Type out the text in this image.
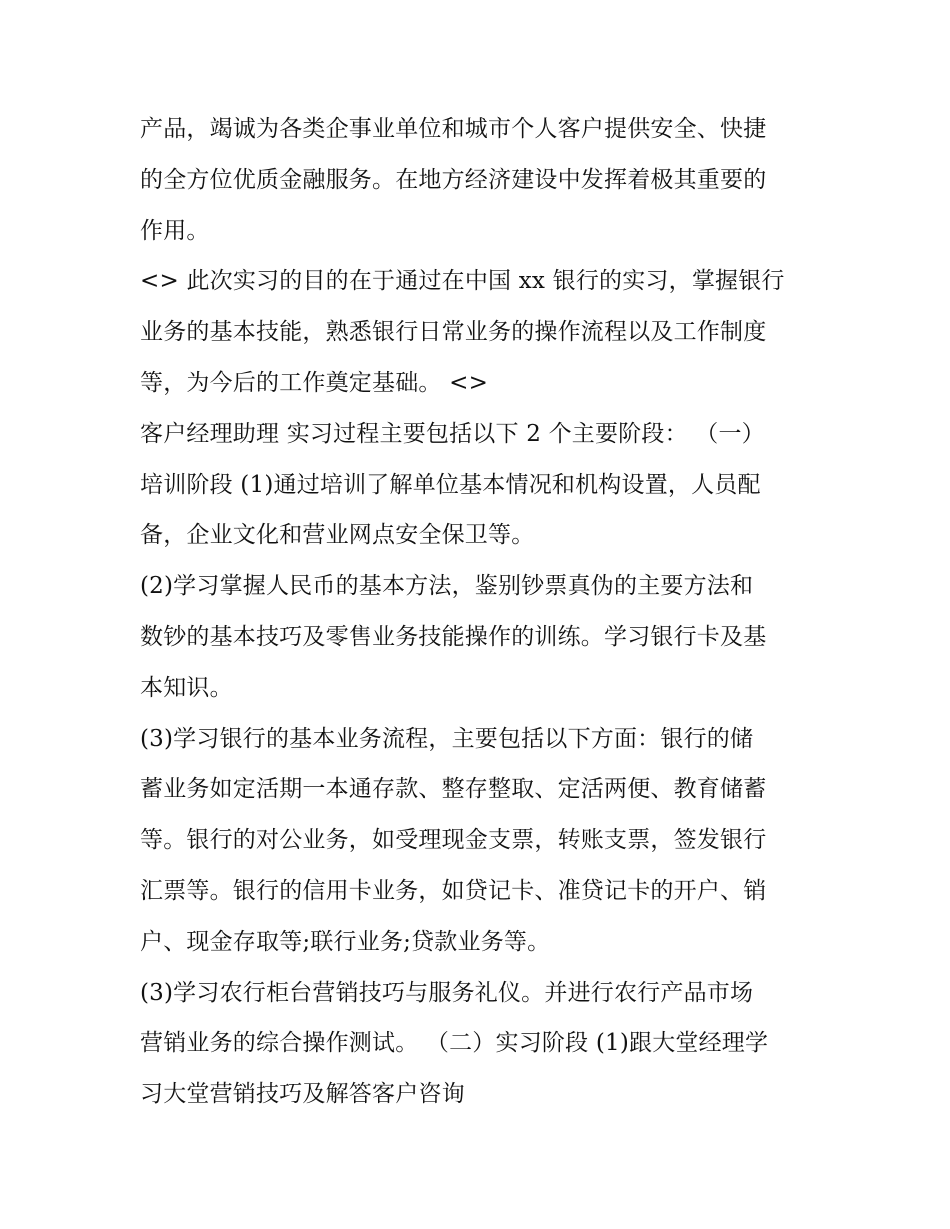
产品，竭诚为各类企事业单位和城市个人客户提供安全、快捷
的全方位优质金融服务。在地方经济建设中发挥着极其重要的
作用。
<> 此次实习的目的在于通过在中国 xx 银行的实习，掌握银行
业务的基本技能，熟悉银行日常业务的操作流程以及工作制度
等，为今后的工作奠定基础。 <>
客户经理助理 实习过程主要包括以下 2 个主要阶段： （一）
培训阶段 (1)通过培训了解单位基本情况和机构设置，人员配
备，企业文化和营业网点安全保卫等。
(2)学习掌握人民币的基本方法，鉴别钞票真伪的主要方法和
数钞的基本技巧及零售业务技能操作的训练。学习银行卡及基
本知识。
(3)学习银行的基本业务流程，主要包括以下方面：银行的储
蓄业务如定活期一本通存款、整存整取、定活两便、教育储蓄
等。银行的对公业务，如受理现金支票，转账支票，签发银行
汇票等。银行的信用卡业务，如贷记卡、准贷记卡的开户、销
户、现金存取等;联行业务;贷款业务等。
(3)学习农行柜台营销技巧与服务礼仪。并进行农行产品市场
营销业务的综合操作测试。 （二）实习阶段 (1)跟大堂经理学
习大堂营销技巧及解答客户咨询
